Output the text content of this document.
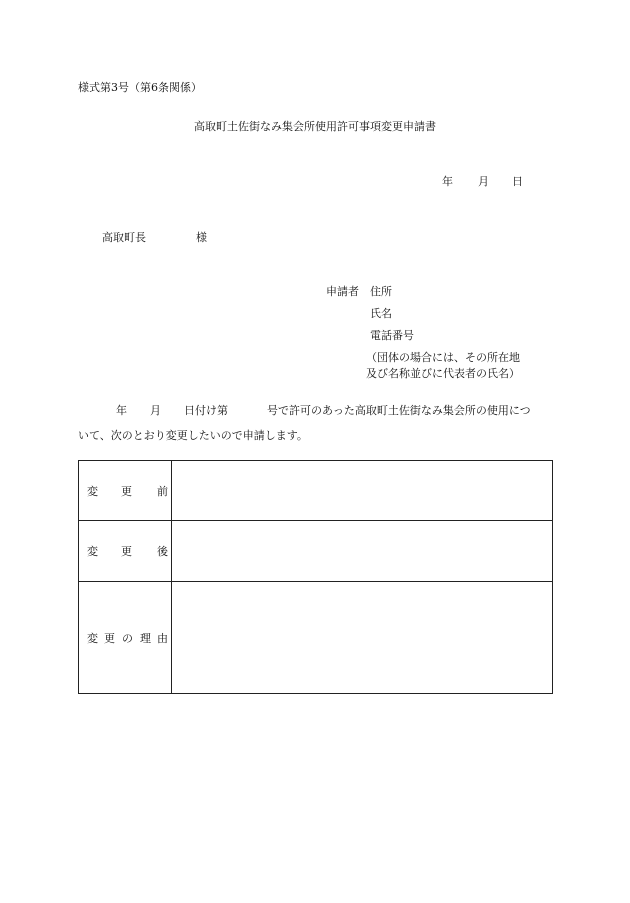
様式第3号（第6条関係）
高取町土佐街なみ集会所使用許可事項変更申請書
年 月 日
高取町長	様
申請者 住所
氏名
電話番号
（団体の場合には、その所在地
及び名称並びに代表者の氏名）
年 月 日付け第	号で許可のあった高取町土佐街なみ集会所の使用につ
いて、次のとおり変更したいので申請します。
変 更 前	

変 更 後	

変 更 の 理 由	
